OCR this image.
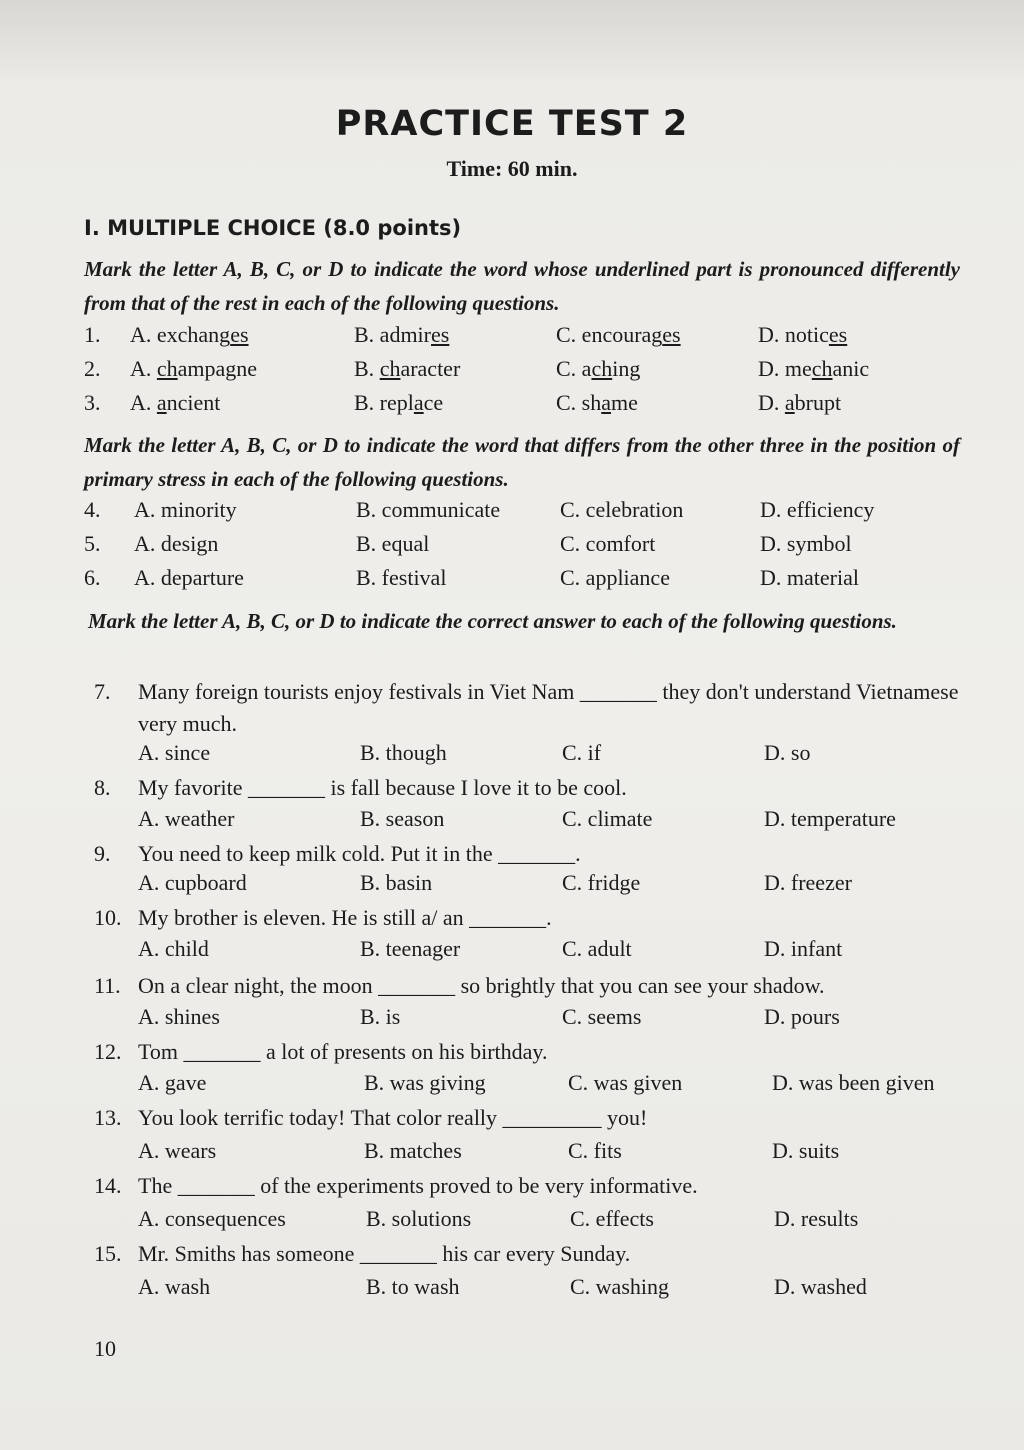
PRACTICE TEST 2
Time: 60 min.
I. MULTIPLE CHOICE (8.0 points)
Mark the letter A, B, C, or D to indicate the word whose underlined part is pronounced differently from that of the rest in each of the following questions.
1. A. exchanges	B. admires	C. encourages	D. notices
2. A. champagne	B. character	C. aching	D. mechanic
3. A. ancient	B. replace	C. shame	D. abrupt
Mark the letter A, B, C, or D to indicate the word that differs from the other three in the position of primary stress in each of the following questions.
4. A. minority	B. communicate	C. celebration	D. efficiency
5. A. design	B. equal	C. comfort	D. symbol
6. A. departure	B. festival	C. appliance	D. material
Mark the letter A, B, C, or D to indicate the correct answer to each of the following questions.
7. Many foreign tourists enjoy festivals in Viet Nam _______ they don't understand Vietnamese very much.
A. since	B. though	C. if	D. so
8. My favorite _______ is fall because I love it to be cool.
A. weather	B. season	C. climate	D. temperature
9. You need to keep milk cold. Put it in the _______.
A. cupboard	B. basin	C. fridge	D. freezer
10. My brother is eleven. He is still a/ an _______.
A. child	B. teenager	C. adult	D. infant
11. On a clear night, the moon _______ so brightly that you can see your shadow.
A. shines	B. is	C. seems	D. pours
12. Tom _______ a lot of presents on his birthday.
A. gave	B. was giving	C. was given	D. was been given
13. You look terrific today! That color really _________ you!
A. wears	B. matches	C. fits	D. suits
14. The _______ of the experiments proved to be very informative.
A. consequences	B. solutions	C. effects	D. results
15. Mr. Smiths has someone _______ his car every Sunday.
A. wash	B. to wash	C. washing	D. washed
10
